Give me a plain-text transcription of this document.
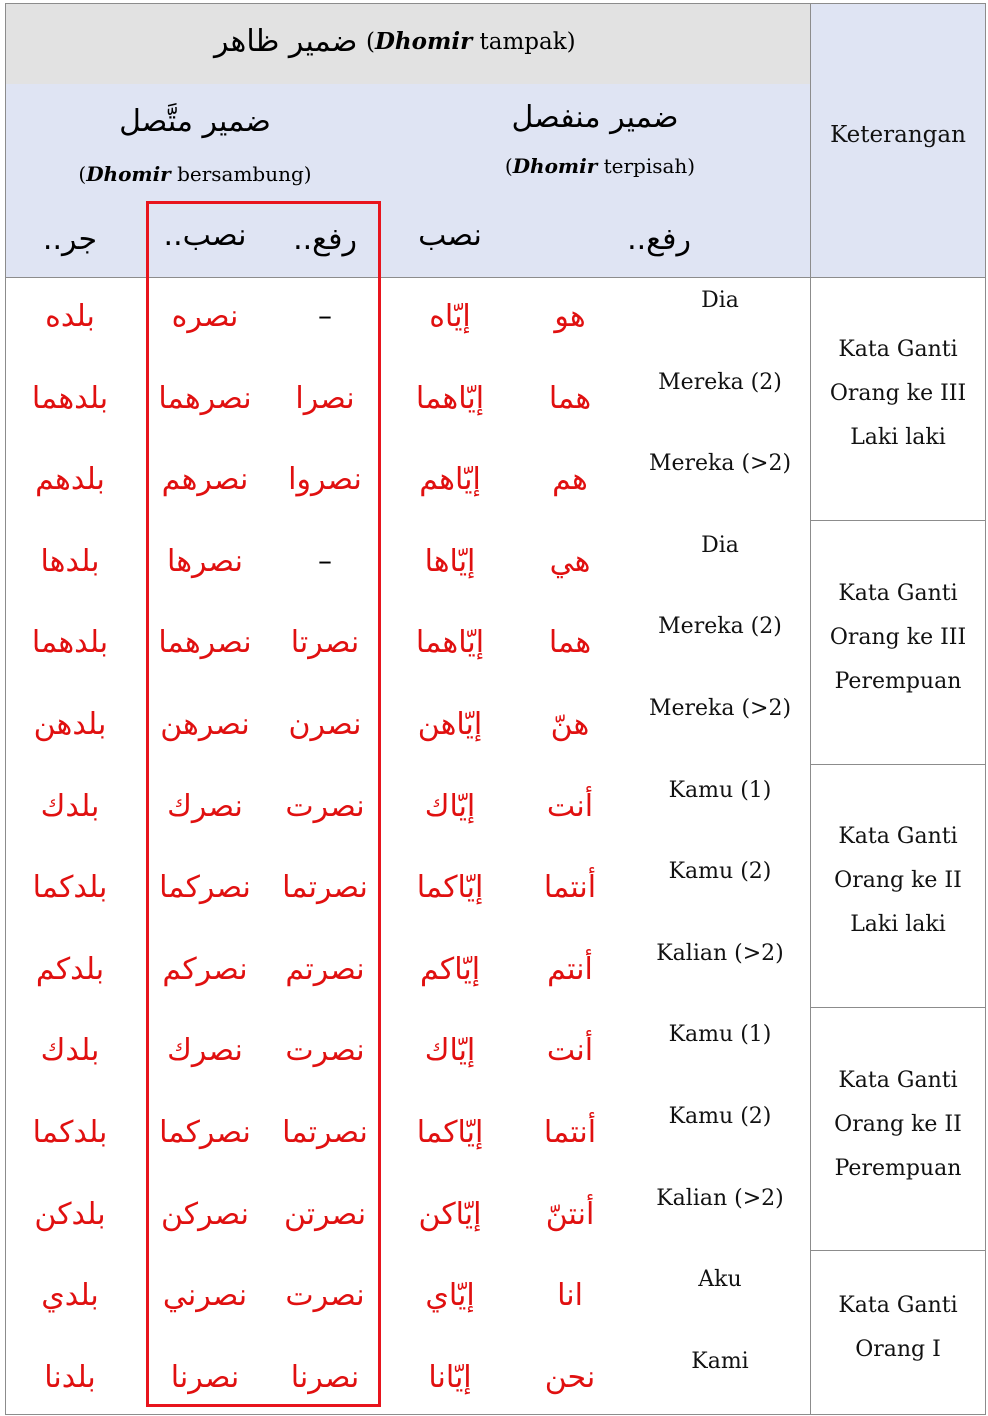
ضمير ظاهر (Dhomir tampak)
ضمير متَّصل
(Dhomir bersambung)
ضمير منفصل
(Dhomir terpisah)
Keterangan
جر..	نصب..	رفع..	نصب	رفع..
بلده	نصره	–	إيّاه	هو	Dia
بلدهما	نصرهما	نصرا	إيّاهما	هما	Mereka (2)
بلدهم	نصرهم	نصروا	إيّاهم	هم	Mereka (>2)
بلدها	نصرها	–	إيّاها	هي	Dia
بلدهما	نصرهما	نصرتا	إيّاهما	هما	Mereka (2)
بلدهن	نصرهن	نصرن	إيّاهن	هنّ	Mereka (>2)
بلدك	نصرك	نصرت	إيّاك	أنت	Kamu (1)
بلدكما	نصركما	نصرتما	إيّاكما	أنتما	Kamu (2)
بلدكم	نصركم	نصرتم	إيّاكم	أنتم	Kalian (>2)
بلدك	نصرك	نصرت	إيّاك	أنت	Kamu (1)
بلدكما	نصركما	نصرتما	إيّاكما	أنتما	Kamu (2)
بلدكن	نصركن	نصرتن	إيّاكن	أنتنّ	Kalian (>2)
بلدي	نصرني	نصرت	إيّاي	انا	Aku
بلدنا	نصرنا	نصرنا	إيّانا	نحن	Kami
Kata Ganti
Orang ke III
Laki laki
Kata Ganti
Orang ke III
Perempuan
Kata Ganti
Orang ke II
Laki laki
Kata Ganti
Orang ke II
Perempuan
Kata Ganti
Orang I
